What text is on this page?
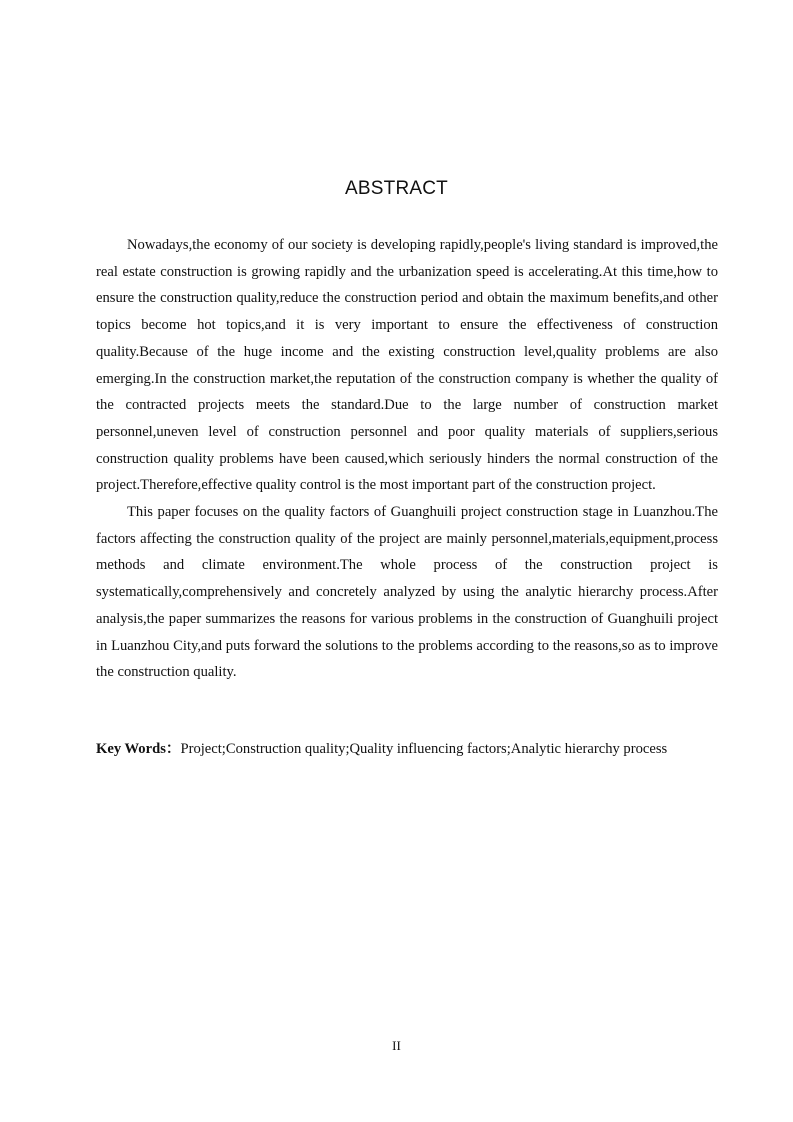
ABSTRACT

Nowadays,the economy of our society is developing rapidly,people's living standard is improved,the real estate construction is growing rapidly and the urbanization speed is accelerating.At this time,how to ensure the construction quality,reduce the construction period and obtain the maximum benefits,and other topics become hot topics,and it is very important to ensure the effectiveness of construction quality.Because of the huge income and the existing construction level,quality problems are also emerging.In the construction market,the reputation of the construction company is whether the quality of the contracted projects meets the standard.Due to the large number of construction market personnel,uneven level of construction personnel and poor quality materials of suppliers,serious construction quality problems have been caused,which seriously hinders the normal construction of the project.Therefore,effective quality control is the most important part of the construction project.

This paper focuses on the quality factors of Guanghuili project construction stage in Luanzhou.The factors affecting the construction quality of the project are mainly personnel,materials,equipment,process methods and climate environment.The whole process of the construction project is systematically,comprehensively and concretely analyzed by using the analytic hierarchy process.After analysis,the paper summarizes the reasons for various problems in the construction of Guanghuili project in Luanzhou City,and puts forward the solutions to the problems according to the reasons,so as to improve the construction quality.

Key Words：Project;Construction quality;Quality influencing factors;Analytic hierarchy process
II
